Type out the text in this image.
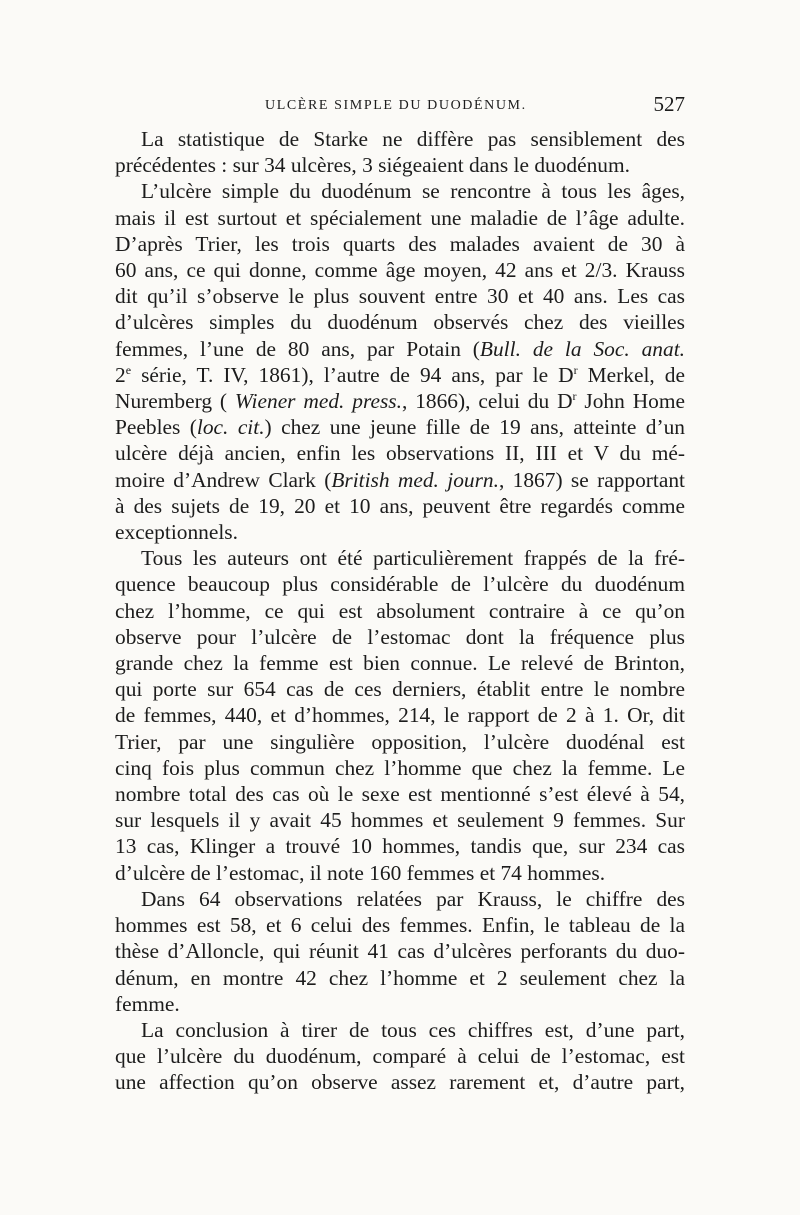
ULCÈRE SIMPLE DU DUODÉNUM.	527

La statistique de Starke ne diffère pas sensiblement des
précédentes : sur 34 ulcères, 3 siégeaient dans le duodénum.

L’ulcère simple du duodénum se rencontre à tous les âges,
mais il est surtout et spécialement une maladie de l’âge adulte.
D’après Trier, les trois quarts des malades avaient de 30 à
60 ans, ce qui donne, comme âge moyen, 42 ans et 2/3. Krauss
dit qu’il s’observe le plus souvent entre 30 et 40 ans. Les cas
d’ulcères simples du duodénum observés chez des vieilles
femmes, l’une de 80 ans, par Potain (Bull. de la Soc. anat.
2e série, T. IV, 1861), l’autre de 94 ans, par le $D^r$ Merkel, de
Nuremberg ( Wiener med. press., 1866), celui du $D^r$ John Home
Peebles (loc. cit.) chez une jeune fille de 19 ans, atteinte d’un
ulcère déjà ancien, enfin les observations II, III et V du mé-
moire d’Andrew Clark (British med. journ., 1867) se rapportant
à des sujets de 19, 20 et 10 ans, peuvent être regardés comme
exceptionnels.

Tous les auteurs ont été particulièrement frappés de la fré-
quence beaucoup plus considérable de l’ulcère du duodénum
chez l’homme, ce qui est absolument contraire à ce qu’on
observe pour l’ulcère de l’estomac dont la fréquence plus
grande chez la femme est bien connue. Le relevé de Brinton,
qui porte sur 654 cas de ces derniers, établit entre le nombre
de femmes, 440, et d’hommes, 214, le rapport de 2 à 1. Or, dit
Trier, par une singulière opposition, l’ulcère duodénal est
cinq fois plus commun chez l’homme que chez la femme. Le
nombre total des cas où le sexe est mentionné s’est élevé à 54,
sur lesquels il y avait 45 hommes et seulement 9 femmes. Sur
13 cas, Klinger a trouvé 10 hommes, tandis que, sur 234 cas
d’ulcère de l’estomac, il note 160 femmes et 74 hommes.

Dans 64 observations relatées par Krauss, le chiffre des
hommes est 58, et 6 celui des femmes. Enfin, le tableau de la
thèse d’Alloncle, qui réunit 41 cas d’ulcères perforants du duo-
dénum, en montre 42 chez l’homme et 2 seulement chez la
femme.

La conclusion à tirer de tous ces chiffres est, d’une part,
que l’ulcère du duodénum, comparé à celui de l’estomac, est
une affection qu’on observe assez rarement et, d’autre part,
